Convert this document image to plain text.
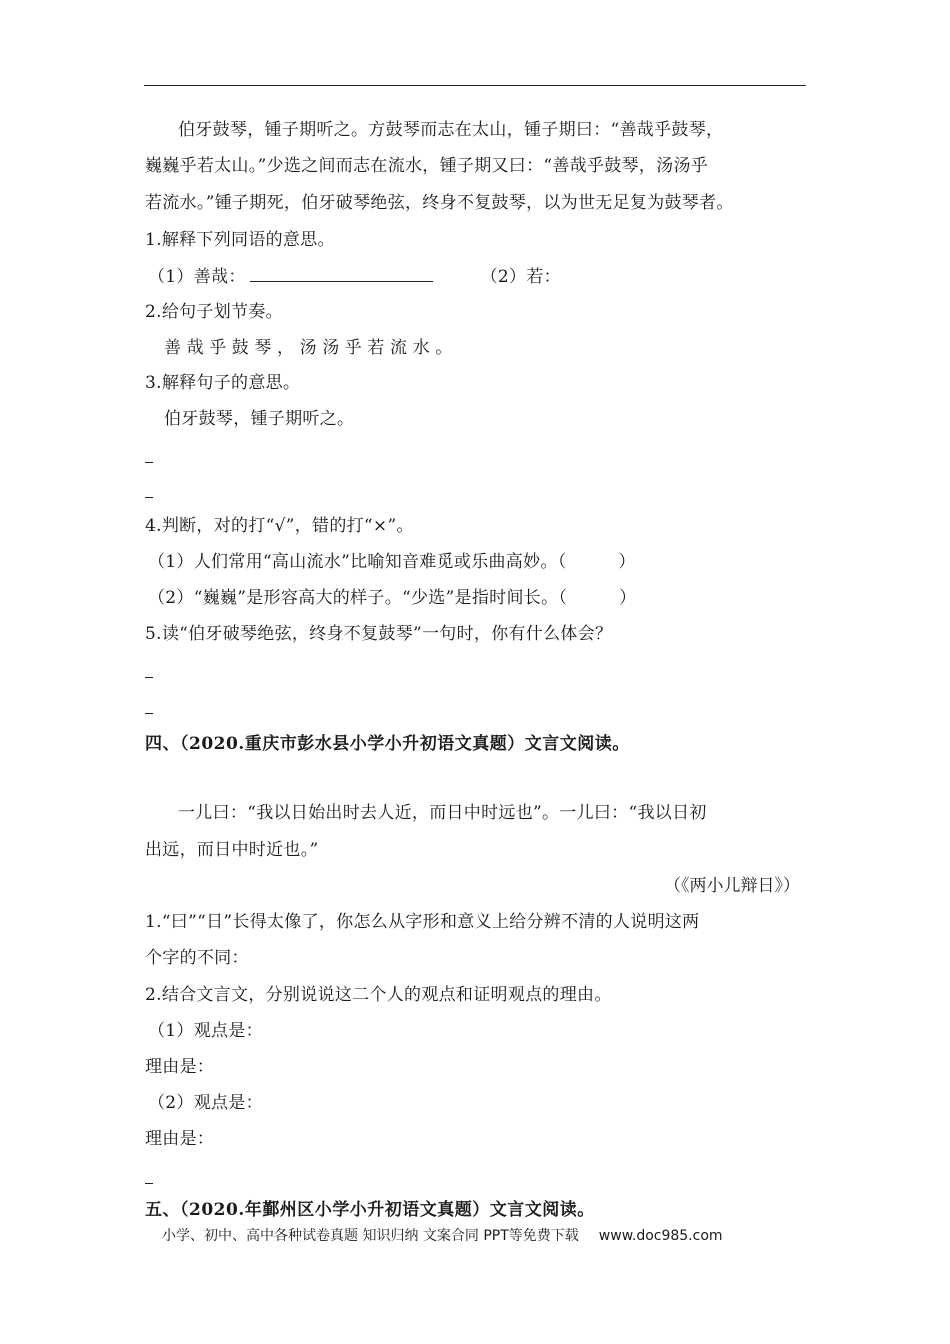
伯牙鼓琴，锺子期听之。方鼓琴而志在太山，锺子期曰：“善哉乎鼓琴，
巍巍乎若太山。”少选之间而志在流水，锺子期又曰：“善哉乎鼓琴，汤汤乎
若流水。”锺子期死，伯牙破琴绝弦，终身不复鼓琴，以为世无足复为鼓琴者。
1.解释下列同语的意思。
（1）善哉：	（2）若：
2.给句子划节奏。
善哉乎鼓琴，汤汤乎若流水。
3.解释句子的意思。
伯牙鼓琴，锺子期听之。
4.判断，对的打“√”，错的打“×”。
（1）人们常用“高山流水”比喻知音难觅或乐曲高妙。（　　　）
（2）“巍巍”是形容高大的样子。“少选”是指时间长。（　　　）
5.读“伯牙破琴绝弦，终身不复鼓琴”一句时，你有什么体会？
四、（2020.重庆市彭水县小学小升初语文真题）文言文阅读。
一儿曰：“我以日始出时去人近，而日中时远也”。一儿曰：“我以日初
出远，而日中时近也。”
（《两小儿辩日》）
1.“曰”“日”长得太像了，你怎么从字形和意义上给分辨不清的人说明这两
个字的不同：
2.结合文言文，分别说说这二个人的观点和证明观点的理由。
（1）观点是：
理由是：
（2）观点是：
理由是：
五、（2020.年鄞州区小学小升初语文真题）文言文阅读。
小学、初中、高中各种试卷真题 知识归纳 文案合同 PPT等免费下载 www.doc985.com
